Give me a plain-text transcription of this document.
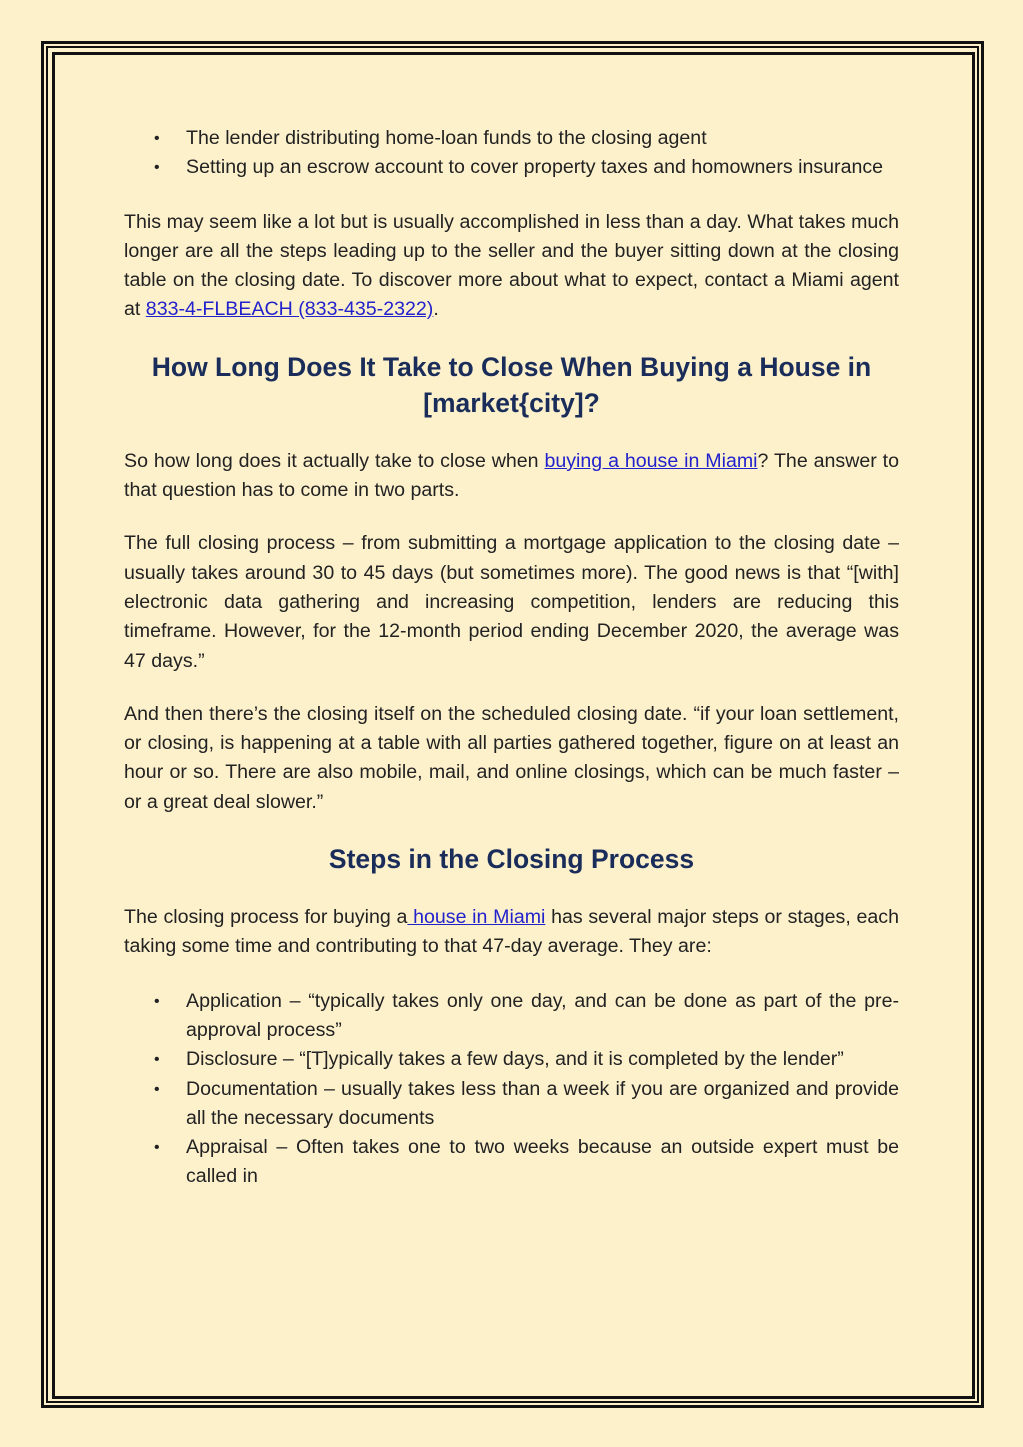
• The lender distributing home-loan funds to the closing agent
• Setting up an escrow account to cover property taxes and homowners insurance

This may seem like a lot but is usually accomplished in less than a day. What takes much longer are all the steps leading up to the seller and the buyer sitting down at the closing table on the closing date. To discover more about what to expect, contact a Miami agent at 833-4-FLBEACH (833-435-2322).

How Long Does It Take to Close When Buying a House in [market{city]?

So how long does it actually take to close when buying a house in Miami? The answer to that question has to come in two parts.

The full closing process – from submitting a mortgage application to the closing date – usually takes around 30 to 45 days (but sometimes more). The good news is that “[with] electronic data gathering and increasing competition, lenders are reducing this timeframe. However, for the 12-month period ending December 2020, the average was 47 days.”

And then there’s the closing itself on the scheduled closing date. “if your loan settlement, or closing, is happening at a table with all parties gathered together, figure on at least an hour or so. There are also mobile, mail, and online closings, which can be much faster – or a great deal slower.”

Steps in the Closing Process

The closing process for buying a house in Miami has several major steps or stages, each taking some time and contributing to that 47-day average. They are:

• Application – “typically takes only one day, and can be done as part of the pre-approval process”
• Disclosure – “[T]ypically takes a few days, and it is completed by the lender”
• Documentation – usually takes less than a week if you are organized and provide all the necessary documents
• Appraisal – Often takes one to two weeks because an outside expert must be called in
